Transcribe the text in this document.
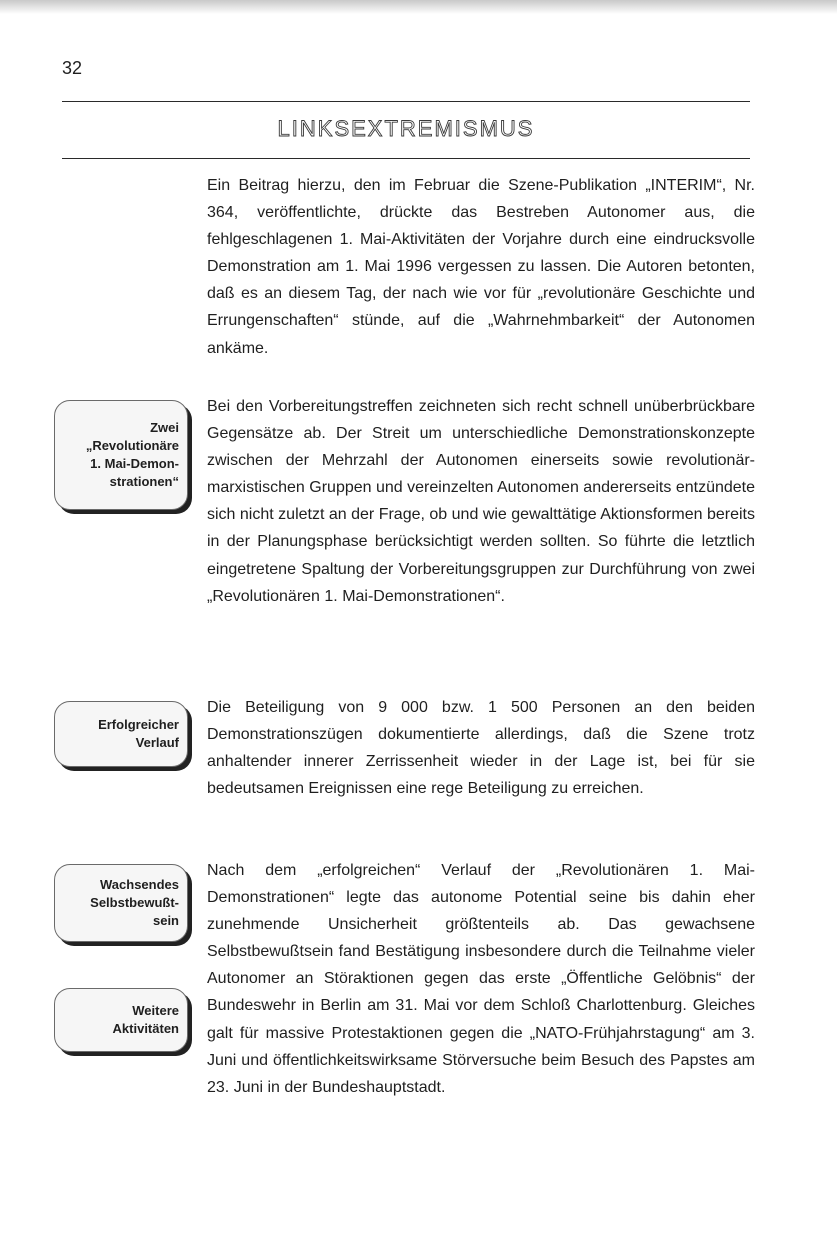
32
LINKSEXTREMISMUS

Ein Beitrag hierzu, den im Februar die Szene-Publikation „INTERIM“, Nr. 364, veröffentlichte, drückte das Bestreben Autonomer aus, die fehlgeschlagenen 1. Mai-Aktivitäten der Vorjahre durch eine eindrucksvolle Demonstration am 1. Mai 1996 vergessen zu lassen. Die Autoren betonten, daß es an diesem Tag, der nach wie vor für „revolutionäre Geschichte und Errungenschaften“ stünde, auf die „Wahrnehmbarkeit“ der Autonomen ankäme.

Bei den Vorbereitungstreffen zeichneten sich recht schnell unüberbrückbare Gegensätze ab. Der Streit um unterschiedliche Demonstrationskonzepte zwischen der Mehrzahl der Autonomen einerseits sowie revolutionär-marxistischen Gruppen und vereinzelten Autonomen andererseits entzündete sich nicht zuletzt an der Frage, ob und wie gewalttätige Aktionsformen bereits in der Planungsphase berücksichtigt werden sollten. So führte die letztlich eingetretene Spaltung der Vorbereitungsgruppen zur Durchführung von zwei „Revolutionären 1. Mai-Demonstrationen“.

Die Beteiligung von 9 000 bzw. 1 500 Personen an den beiden Demonstrationszügen dokumentierte allerdings, daß die Szene trotz anhaltender innerer Zerrissenheit wieder in der Lage ist, bei für sie bedeutsamen Ereignissen eine rege Beteiligung zu erreichen.

Nach dem „erfolgreichen“ Verlauf der „Revolutionären 1. Mai-Demonstrationen“ legte das autonome Potential seine bis dahin eher zunehmende Unsicherheit größtenteils ab. Das gewachsene Selbstbewußtsein fand Bestätigung insbesondere durch die Teilnahme vieler Autonomer an Störaktionen gegen das erste „Öffentliche Gelöbnis“ der Bundeswehr in Berlin am 31. Mai vor dem Schloß Charlottenburg. Gleiches galt für massive Protestaktionen gegen die „NATO-Frühjahrstagung“ am 3. Juni und öffentlichkeitswirksame Störversuche beim Besuch des Papstes am 23. Juni in der Bundeshauptstadt.

Zwei
„Revolutionäre
1. Mai-Demon-
strationen“
Erfolgreicher
Verlauf
Wachsendes
Selbstbewußt-
sein
Weitere
Aktivitäten
